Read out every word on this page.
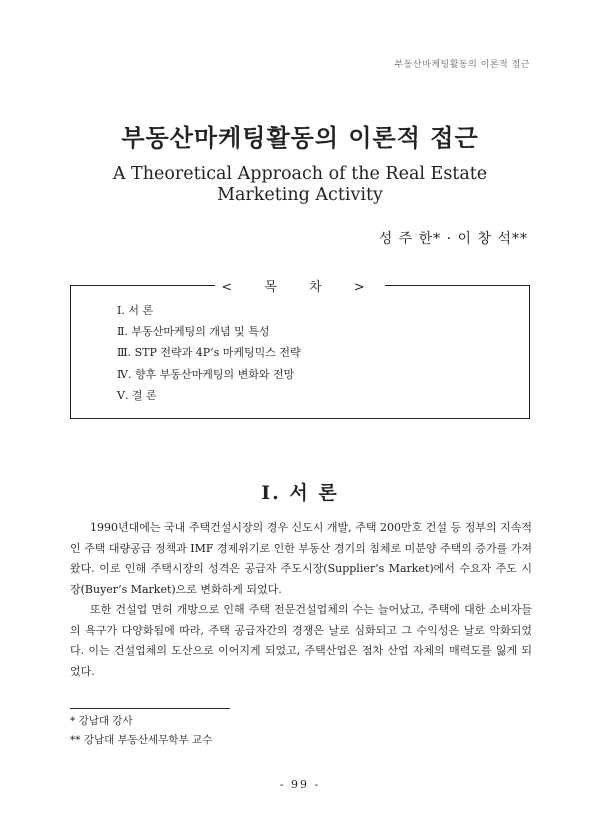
부동산마케팅활동의 이론적 접근
부동산마케팅활동의 이론적 접근
A Theoretical Approach of the Real Estate
Marketing Activity
성 주 한* · 이 창 석**
< 목 차 >
Ⅰ. 서 론
Ⅱ. 부동산마케팅의 개념 및 특성
Ⅲ. STP 전략과 4P’s 마케팅믹스 전략
Ⅳ. 향후 부동산마케팅의 변화와 전망
Ⅴ. 결 론
Ⅰ. 서 론

1990년대에는 국내 주택건설시장의 경우 신도시 개발, 주택 200만호 건설 등 정부의 지속적인 주택 대량공급 정책과 IMF 경제위기로 인한 부동산 경기의 침체로 미분양 주택의 증가를 가져왔다. 이로 인해 주택시장의 성격은 공급자 주도시장(Supplier’s Market)에서 수요자 주도 시장(Buyer’s Market)으로 변화하게 되었다.

또한 건설업 면허 개방으로 인해 주택 전문건설업체의 수는 늘어났고, 주택에 대한 소비자들의 욕구가 다양화됨에 따라, 주택 공급자간의 경쟁은 날로 심화되고 그 수익성은 날로 악화되었다. 이는 건설업체의 도산으로 이어지게 되었고, 주택산업은 점차 산업 자체의 매력도를 잃게 되었다.

* 강남대 강사
** 강남대 부동산세무학부 교수
- 99 -
